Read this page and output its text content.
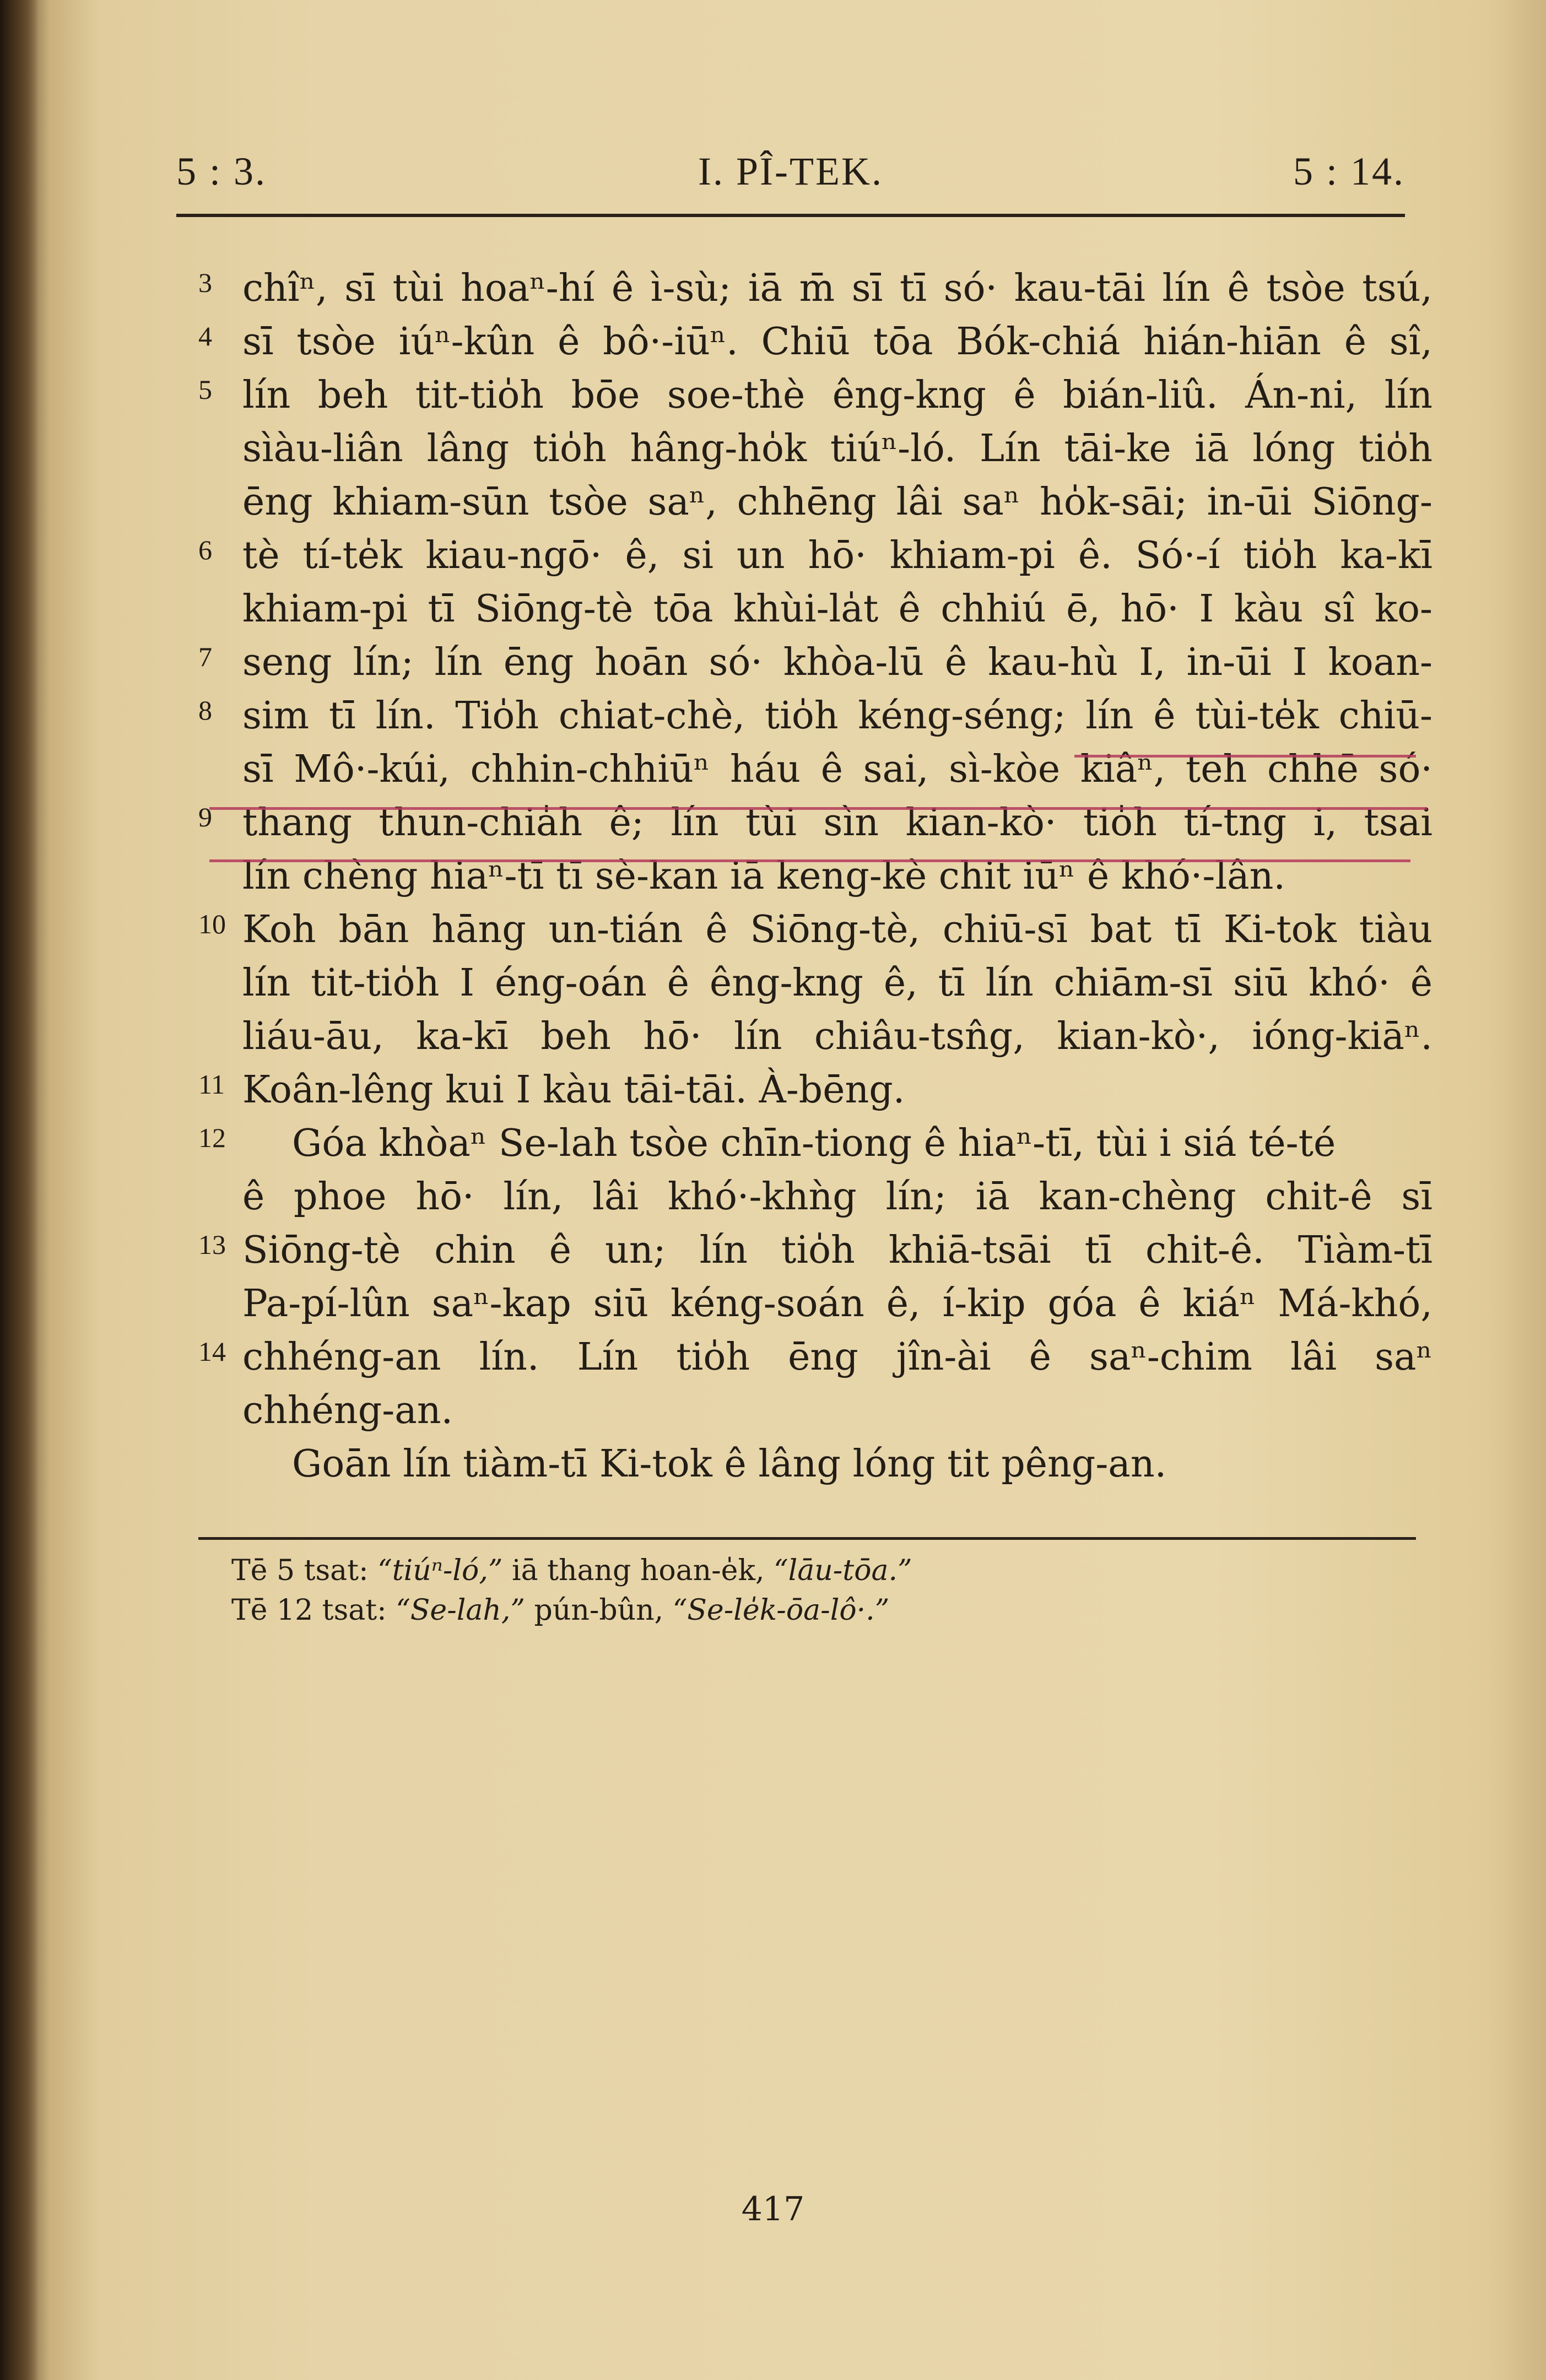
5 : 3.	I. PÎ-TEK.	5 : 14.
3 chîⁿ, sī tùi hoaⁿ-hí ê ì-sù; iā m̄ sī tī só· kau-tāi lín ê tsòe tsú,
4 sī tsòe iúⁿ-kûn ê bô·-iūⁿ. Chiū tōa Bók-chiá hián-hiān ê sî,
5 lín beh tit-tio̍h bōe soe-thè êng-kng ê bián-liû. Án-ni, lín
sìàu-liân lâng tio̍h hâng-ho̍k tiúⁿ-ló. Lín tāi-ke iā lóng tio̍h
ēng khiam-sūn tsòe saⁿ, chhēng lâi saⁿ ho̍k-sāi; in-ūi Siōng-
6 tè tí-te̍k kiau-ngō· ê, si un hō· khiam-pi ê. Só·-í tio̍h ka-kī
khiam-pi tī Siōng-tè tōa khùi-la̍t ê chhiú ē, hō· I kàu sî ko-
7 seng lín; lín ēng hoān só· khòa-lū ê kau-hù I, in-ūi I koan-
8 sim tī lín. Tio̍h chiat-chè, tio̍h kéng-séng; lín ê tùi-te̍k chiū-
sī Mô·-kúi, chhin-chhiūⁿ háu ê sai, sì-kòe kiâⁿ, teh chhē só·
9 thang thun-chia̍h ê; lín tùi sìn kian-kò· tio̍h tí-tng i, tsai
lín chèng hiaⁿ-tī tī sè-kan iā keng-kè chit iūⁿ ê khó·-lân.
10 Koh bān hāng un-tián ê Siōng-tè, chiū-sī bat tī Ki-tok tiàu
lín tit-tio̍h I éng-oán ê êng-kng ê, tī lín chiām-sī siū khó· ê
liáu-āu, ka-kī beh hō· lín chiâu-tsn̂g, kian-kò·, ióng-kiāⁿ.
11 Koân-lêng kui I kàu tāi-tāi. À-bēng.
12 Góa khòaⁿ Se-lah tsòe chīn-tiong ê hiaⁿ-tī, tùi i siá té-té
ê phoe hō· lín, lâi khó·-khǹg lín; iā kan-chèng chit-ê sī
13 Siōng-tè chin ê un; lín tio̍h khiā-tsāi tī chit-ê. Tiàm-tī
Pa-pí-lûn saⁿ-kap siū kéng-soán ê, í-kip góa ê kiáⁿ Má-khó,
14 chhéng-an lín. Lín tio̍h ēng jîn-ài ê saⁿ-chim lâi saⁿ
chhéng-an.
Goān lín tiàm-tī Ki-tok ê lâng lóng tit pêng-an.
Tē 5 tsat: “tiúⁿ-ló,” iā thang hoan-e̍k, “lāu-tōa.”
Tē 12 tsat: “Se-lah,” pún-bûn, “Se-le̍k-ōa-lô·.”
417
